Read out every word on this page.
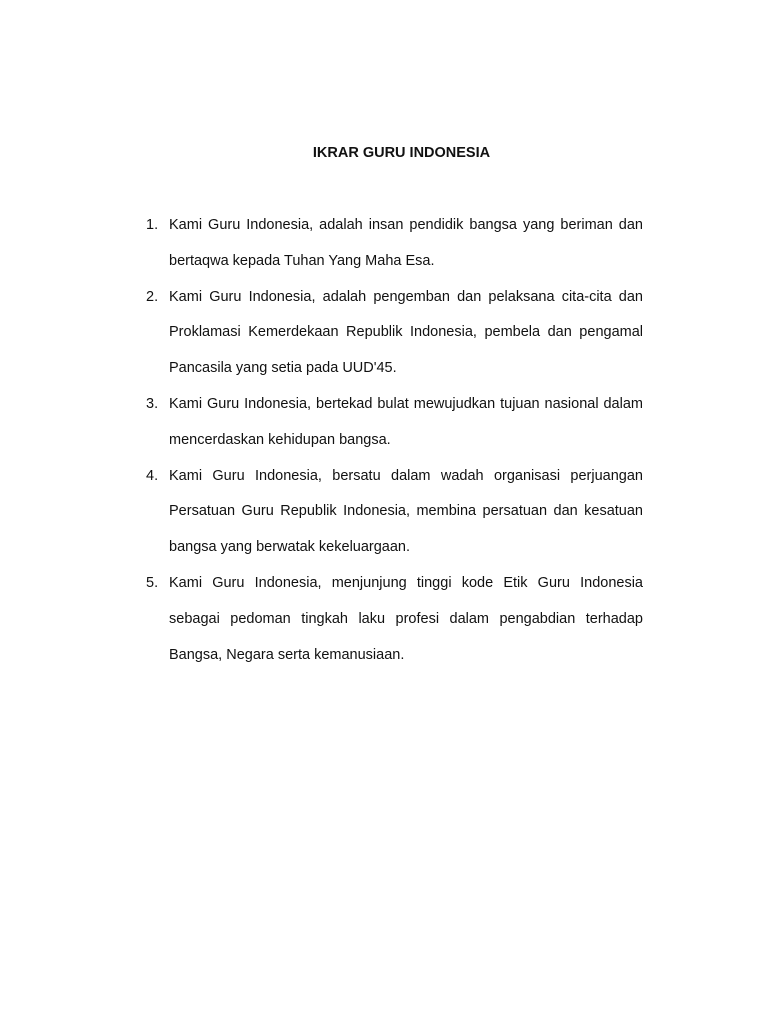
IKRAR GURU INDONESIA
1. Kami Guru Indonesia, adalah insan pendidik bangsa yang beriman dan bertaqwa kepada Tuhan Yang Maha Esa.
2. Kami Guru Indonesia, adalah pengemban dan pelaksana cita-cita dan Proklamasi Kemerdekaan Republik Indonesia, pembela dan pengamal Pancasila yang setia pada UUD'45.
3. Kami Guru Indonesia, bertekad bulat mewujudkan tujuan nasional dalam mencerdaskan kehidupan bangsa.
4. Kami Guru Indonesia, bersatu dalam wadah organisasi perjuangan Persatuan Guru Republik Indonesia, membina persatuan dan kesatuan bangsa yang berwatak kekeluargaan.
5. Kami Guru Indonesia, menjunjung tinggi kode Etik Guru Indonesia sebagai pedoman tingkah laku profesi dalam pengabdian terhadap Bangsa, Negara serta kemanusiaan.
